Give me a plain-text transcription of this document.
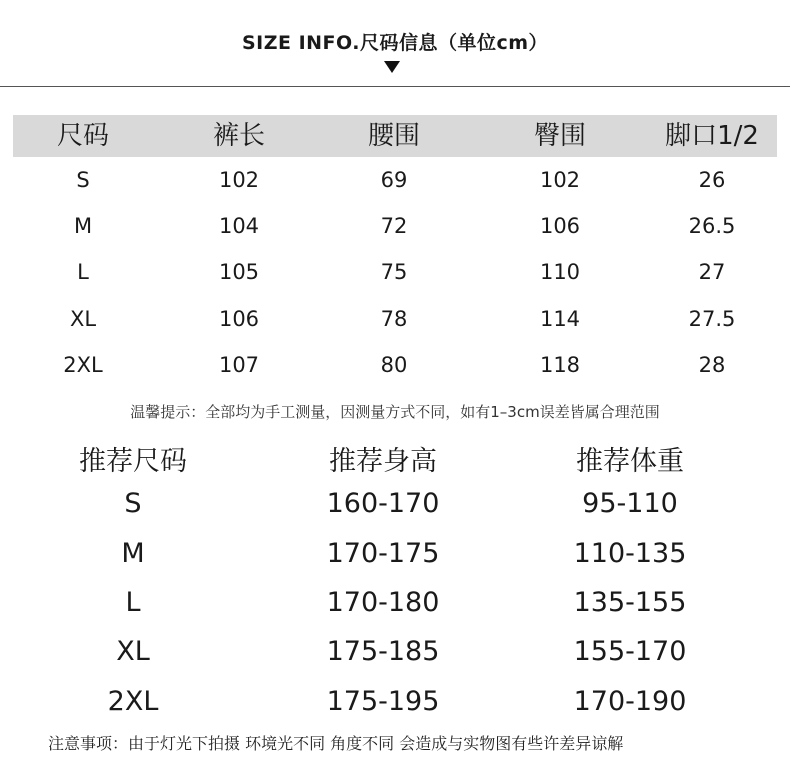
SIZE INFO.尺码信息（单位cm）
尺码	裤长	腰围	臀围	脚口1/2
S	102	69	102	26
M	104	72	106	26.5
L	105	75	110	27
XL	106	78	114	27.5
2XL	107	80	118	28
温馨提示：全部均为手工测量，因测量方式不同，如有1–3cm误差皆属合理范围
推荐尺码	推荐身高	推荐体重
S	160-170	95-110
M	170-175	110-135
L	170-180	135-155
XL	175-185	155-170
2XL	175-195	170-190
注意事项：由于灯光下拍摄 环境光不同 角度不同 会造成与实物图有些许差异谅解
